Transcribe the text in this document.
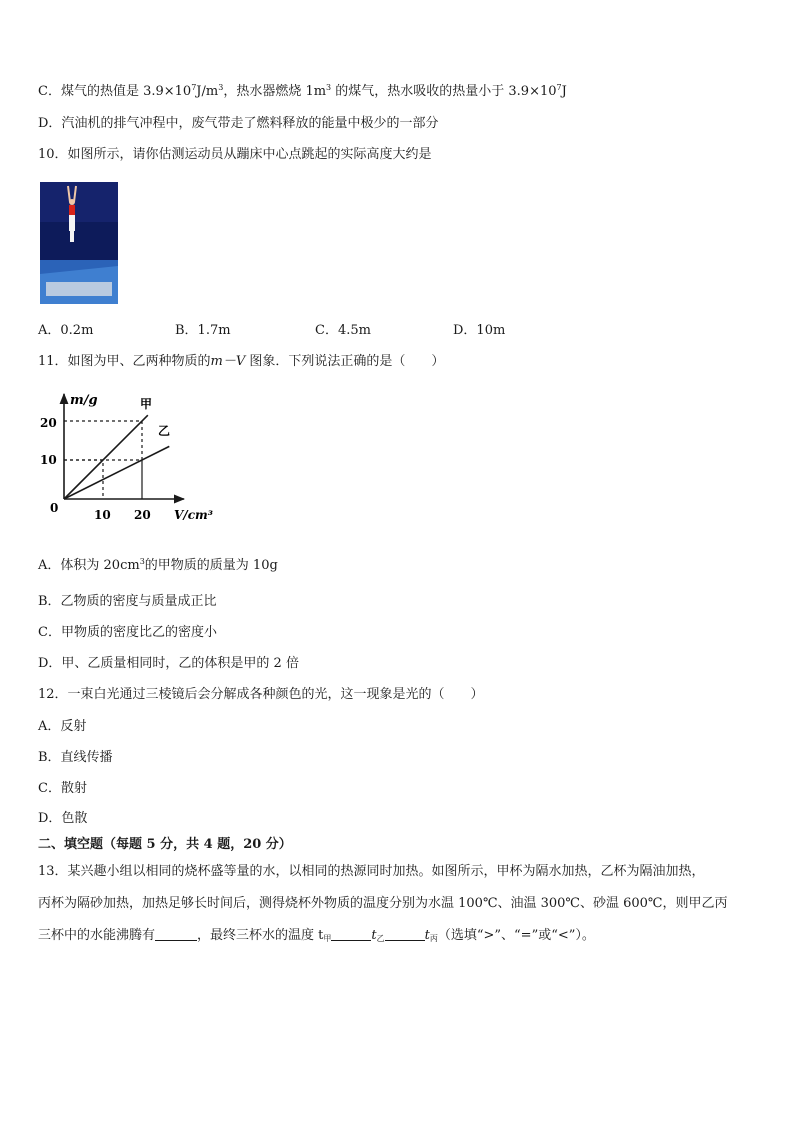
C．煤气的热值是 $3.9\times 10^7J/m^3$，热水器燃烧 $1m^3$ 的煤气，热水吸收的热量小于 $3.9\times 10^7J$
D．汽油机的排气冲程中，废气带走了燃料释放的能量中极少的一部分
10．如图所示，请你估测运动员从蹦床中心点跳起的实际高度大约是
A．0.2m	B．1.7m	C．4.5m	D．10m
11．如图为甲、乙两种物质的m－V 图象．下列说法正确的是（　　）
m/g
V/cm³
0
20
10
10 20
甲
乙
A．体积为 $20cm^3$的甲物质的质量为 10g
B．乙物质的密度与质量成正比
C．甲物质的密度比乙的密度小
D．甲、乙质量相同时，乙的体积是甲的 2 倍
12．一束白光通过三棱镜后会分解成各种颜色的光，这一现象是光的（　　）
A．反射
B．直线传播
C．散射
D．色散
二、填空题（每题 5 分，共 4 题，20 分）
13．某兴趣小组以相同的烧杯盛等量的水，以相同的热源同时加热。如图所示，甲杯为隔水加热，乙杯为隔油加热，
丙杯为隔砂加热，加热足够长时间后，测得烧杯外物质的温度分别为水温 100℃、油温 300℃、砂温 600℃，则甲乙丙
三杯中的水能沸腾有	，最终三杯水的温度 $t_甲$	$t_乙$	$t_丙$（选填“>”、“=”或“<”）。
